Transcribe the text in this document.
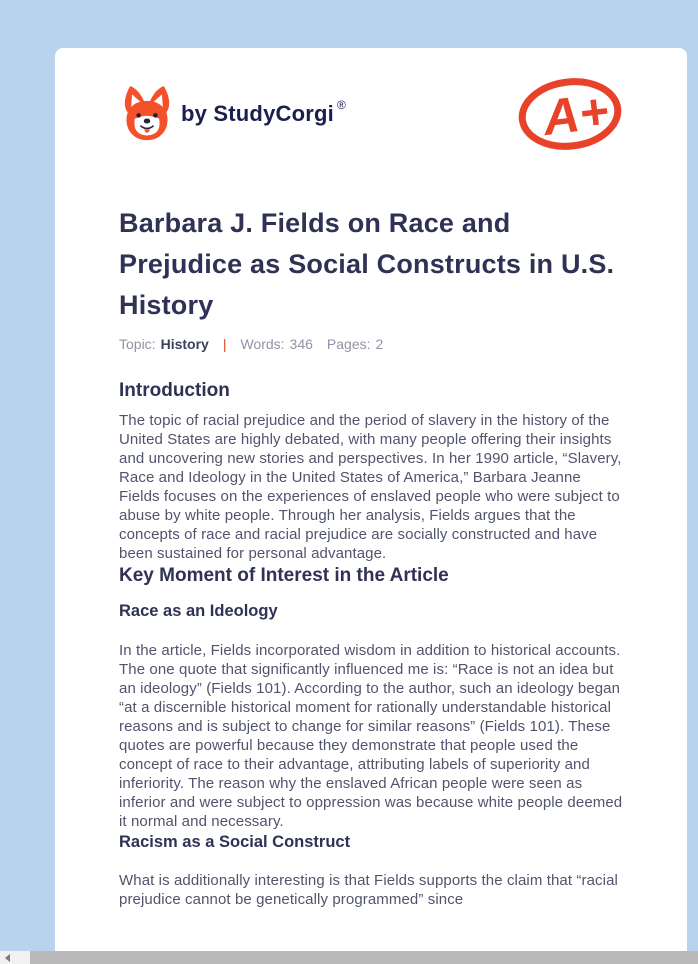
by StudyCorgi ®	A+
Barbara J. Fields on Race and Prejudice as Social Constructs in U.S. History
Topic: History | Words: 346 Pages: 2
Introduction

The topic of racial prejudice and the period of slavery in the history of the United States are highly debated, with many people offering their insights and uncovering new stories and perspectives. In her 1990 article, “Slavery, Race and Ideology in the United States of America,” Barbara Jeanne Fields focuses on the experiences of enslaved people who were subject to abuse by white people. Through her analysis, Fields argues that the concepts of race and racial prejudice are socially constructed and have been sustained for personal advantage.

Key Moment of Interest in the Article
Race as an Ideology

In the article, Fields incorporated wisdom in addition to historical accounts. The one quote that significantly influenced me is: “Race is not an idea but an ideology” (Fields 101). According to the author, such an ideology began “at a discernible historical moment for rationally understandable historical reasons and is subject to change for similar reasons” (Fields 101). These quotes are powerful because they demonstrate that people used the concept of race to their advantage, attributing labels of superiority and inferiority. The reason why the enslaved African people were seen as inferior and were subject to oppression was because white people deemed it normal and necessary.

Racism as a Social Construct

What is additionally interesting is that Fields supports the claim that “racial prejudice cannot be genetically programmed” since
